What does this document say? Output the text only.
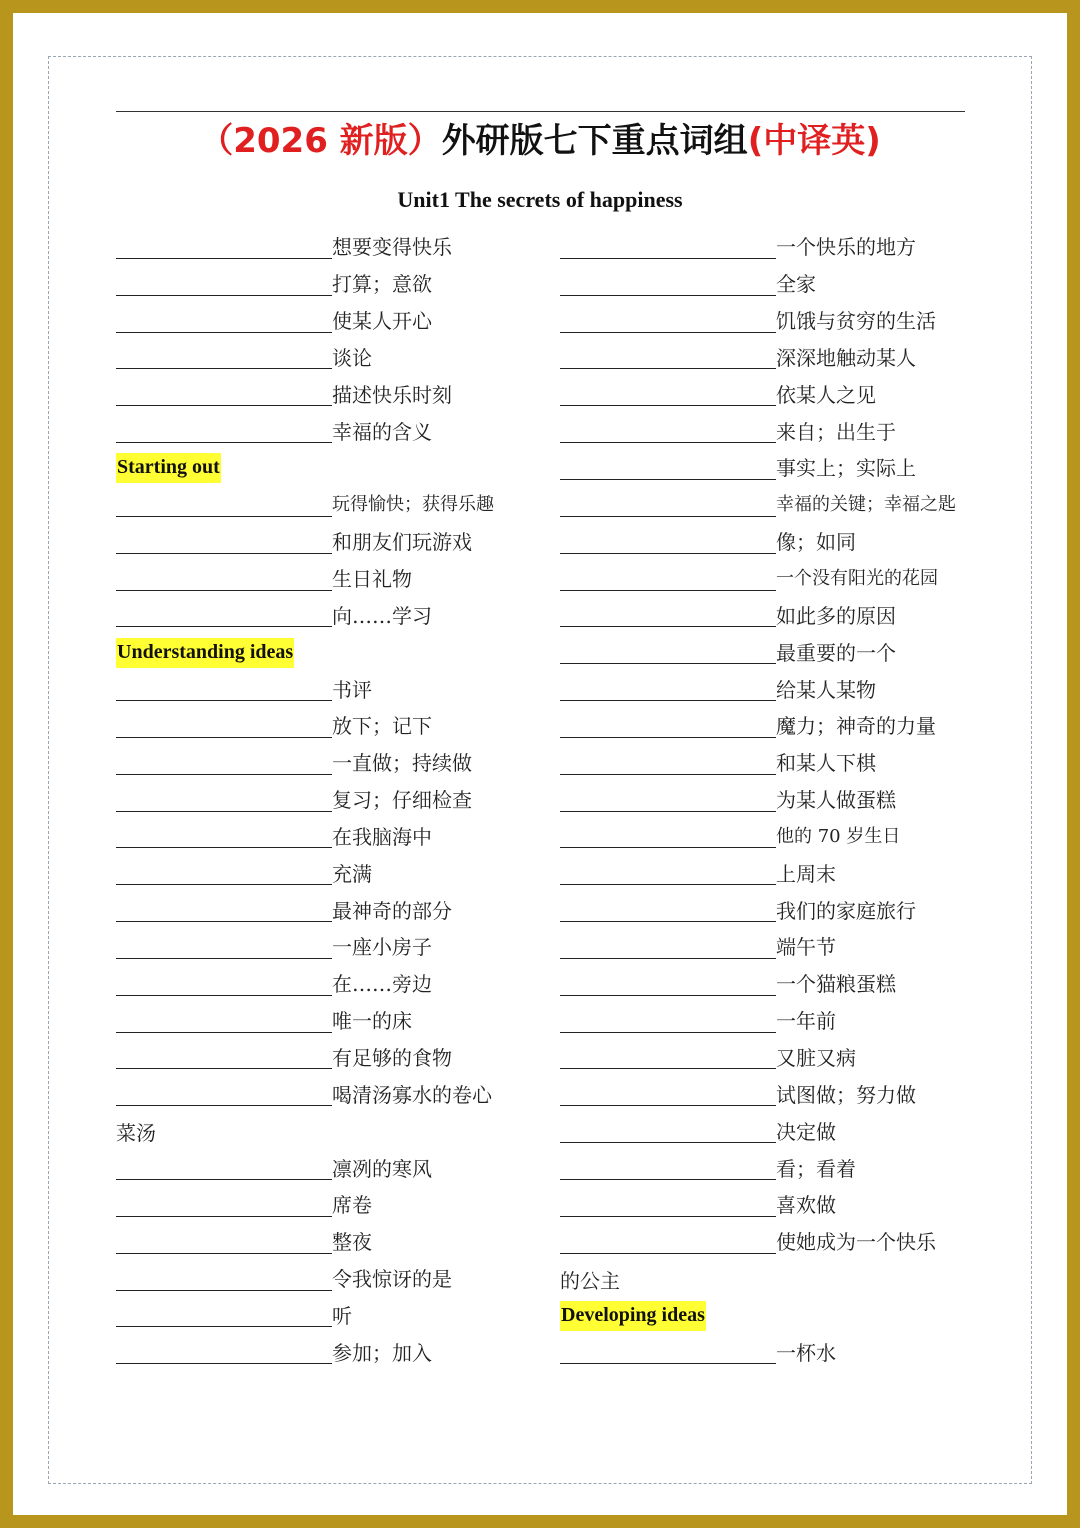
（2026 新版）外研版七下重点词组(中译英)
Unit1 The secrets of happiness
想要变得快乐
打算；意欲
使某人开心
谈论
描述快乐时刻
幸福的含义
Starting out
玩得愉快；获得乐趣
和朋友们玩游戏
生日礼物
向……学习
Understanding ideas
书评
放下；记下
一直做；持续做
复习；仔细检查
在我脑海中
充满
最神奇的部分
一座小房子
在……旁边
唯一的床
有足够的食物
喝清汤寡水的卷心
菜汤
凛冽的寒风
席卷
整夜
令我惊讶的是
听
参加；加入
一个快乐的地方
全家
饥饿与贫穷的生活
深深地触动某人
依某人之见
来自；出生于
事实上；实际上
幸福的关键；幸福之匙
像；如同
一个没有阳光的花园
如此多的原因
最重要的一个
给某人某物
魔力；神奇的力量
和某人下棋
为某人做蛋糕
他的 70 岁生日
上周末
我们的家庭旅行
端午节
一个猫粮蛋糕
一年前
又脏又病
试图做；努力做
决定做
看；看着
喜欢做
使她成为一个快乐
的公主
Developing ideas
一杯水
